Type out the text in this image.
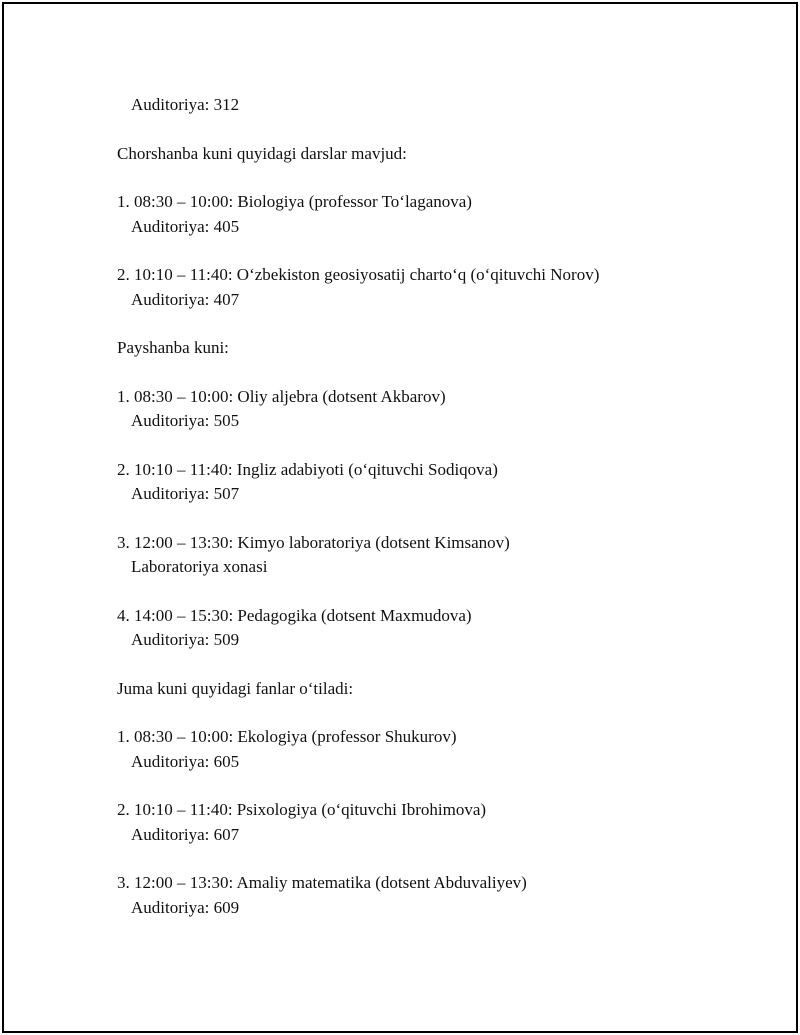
Auditoriya: 312

Chorshanba kuni quyidagi darslar mavjud:

1. 08:30 – 10:00: Biologiya (professor To‘laganova)

Auditoriya: 405

2. 10:10 – 11:40: O‘zbekiston geosiyosatij charto‘q (o‘qituvchi Norov)

Auditoriya: 407

Payshanba kuni:

1. 08:30 – 10:00: Oliy aljebra (dotsent Akbarov)

Auditoriya: 505

2. 10:10 – 11:40: Ingliz adabiyoti (o‘qituvchi Sodiqova)

Auditoriya: 507

3. 12:00 – 13:30: Kimyo laboratoriya (dotsent Kimsanov)

Laboratoriya xonasi

4. 14:00 – 15:30: Pedagogika (dotsent Maxmudova)

Auditoriya: 509

Juma kuni quyidagi fanlar o‘tiladi:

1. 08:30 – 10:00: Ekologiya (professor Shukurov)

Auditoriya: 605

2. 10:10 – 11:40: Psixologiya (o‘qituvchi Ibrohimova)

Auditoriya: 607

3. 12:00 – 13:30: Amaliy matematika (dotsent Abduvaliyev)

Auditoriya: 609
